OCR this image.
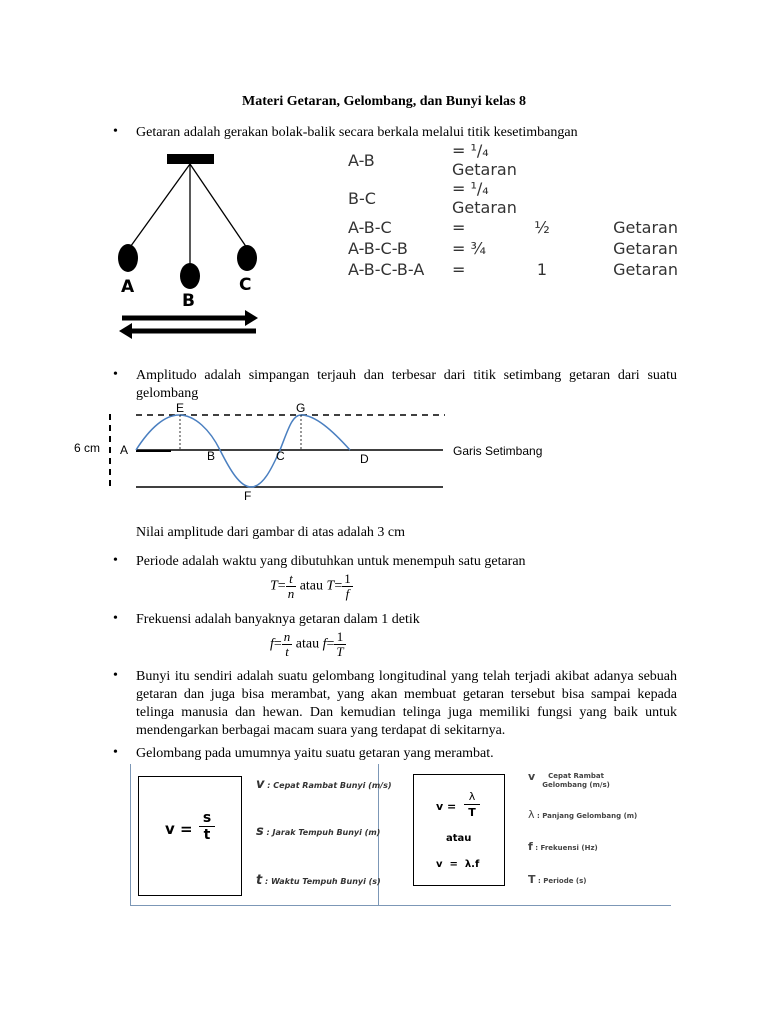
Materi Getaran, Gelombang, dan Bunyi kelas 8
• Getaran adalah gerakan bolak-balik secara berkala melalui titik kesetimbangan
A
B
C
A-B	= ¹/₄ Getaran		
B-C	= ¹/₄ Getaran		
A-B-C	=	½	Getaran
A-B-C-B	= ¾		Getaran
A-B-C-B-A	=	1	Getaran
• Amplitudo adalah simpangan terjauh dan terbesar dari titik setimbang getaran dari suatu gelombang
6 cm A
E	G
B	C	D
F
Garis Setimbang
Nilai amplitude dari gambar di atas adalah 3 cm
• Periode adalah waktu yang dibutuhkan untuk menempuh satu getaran
$T= \frac{t}{n}$ atau $T= \frac{1}{f}$
• Frekuensi adalah banyaknya getaran dalam 1 detik
$f= \frac{n}{t}$ atau $f= \frac{1}{T}$
• Bunyi itu sendiri adalah suatu gelombang longitudinal yang telah terjadi akibat adanya sebuah getaran dan juga bisa merambat, yang akan membuat getaran tersebut bisa sampai kepada telinga manusia dan hewan. Dan kemudian telinga juga memiliki fungsi yang baik untuk mendengarkan berbagai macam suara yang terdapat di sekitarnya.
• Gelombang pada umumnya yaitu suatu getaran yang merambat.
v =
s
t
v : Cepat Rambat Bunyi (m/s)
s : Jarak Tempuh Bunyi (m)
t : Waktu Tempuh Bunyi (s)
v =
λ
T
atau
v  =  λ.f
v Cepat Rambat Gelombang (m/s)
λ : Panjang Gelombang (m)
f : Frekuensi (Hz)
T : Periode (s)
